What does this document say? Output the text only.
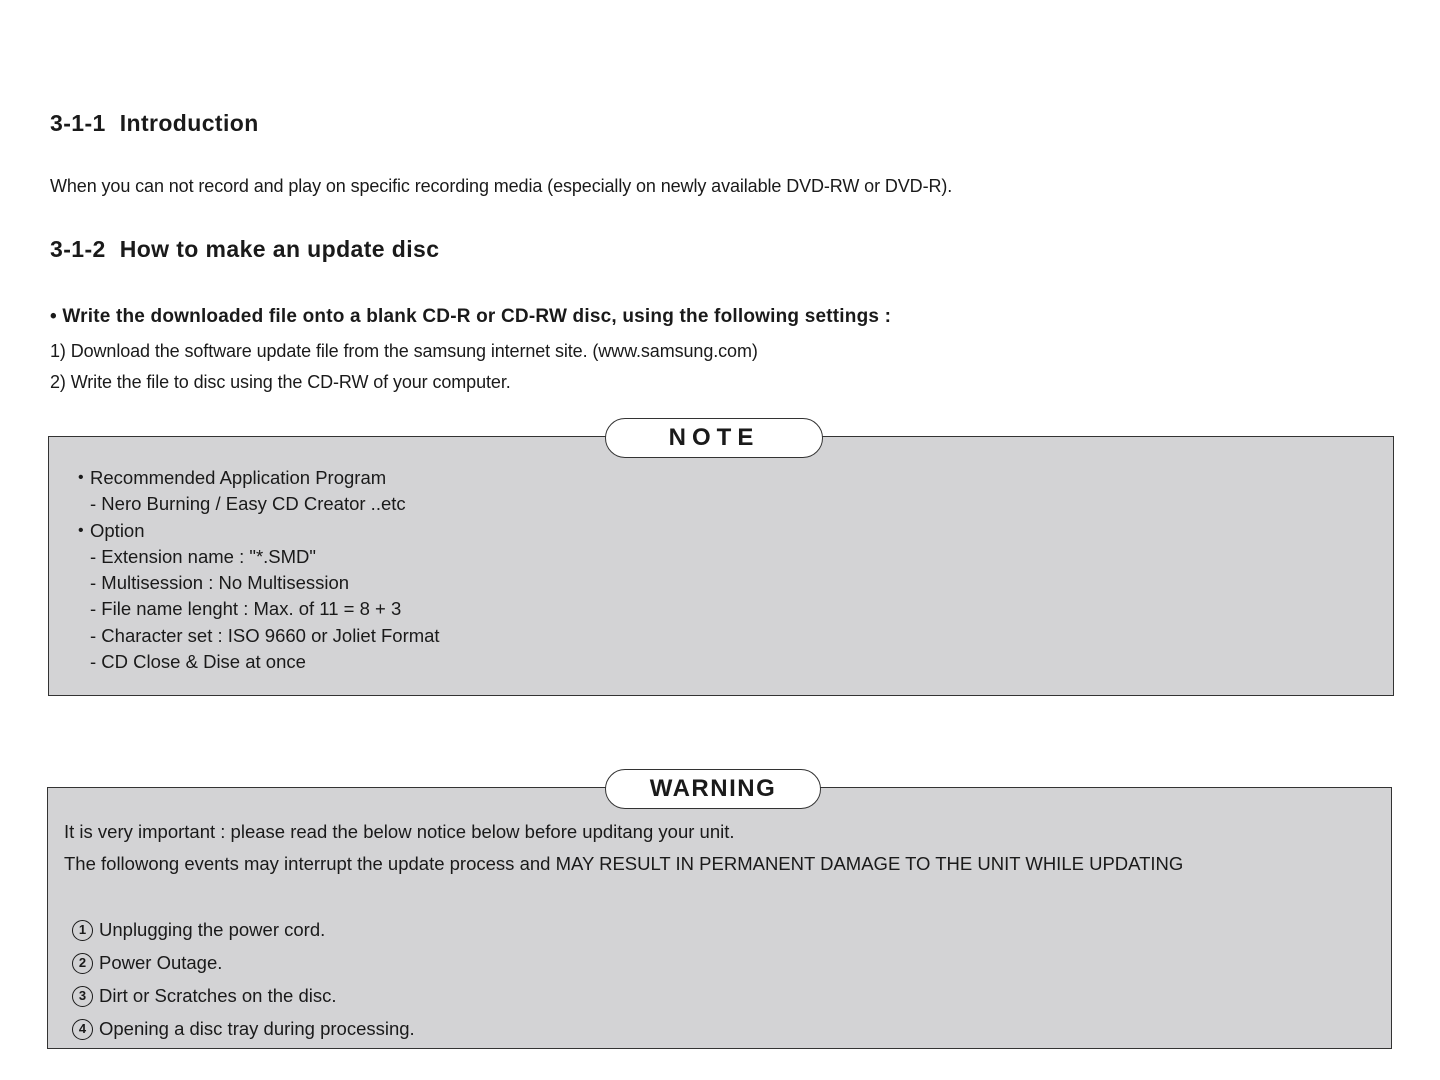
3-1-1 Introduction

When you can not record and play on specific recording media (especially on newly available DVD-RW or DVD-R).

3-1-2 How to make an update disc

• Write the downloaded file onto a blank CD-R or CD-RW disc, using the following settings :

1) Download the software update file from the samsung internet site. (www.samsung.com)

2) Write the file to disc using the CD-RW of your computer.

NOTE
• Recommended Application Program
- Nero Burning / Easy CD Creator ..etc
• Option
- Extension name : "*.SMD"
- Multisession : No Multisession
- File name lenght : Max. of 11 = 8 + 3
- Character set : ISO 9660 or Joliet Format
- CD Close & Dise at once
WARNING

It is very important : please read the below notice below before upditang your unit.

The followong events may interrupt the update process and MAY RESULT IN PERMANENT DAMAGE TO THE UNIT WHILE UPDATING

1 Unplugging the power cord.

2 Power Outage.

3 Dirt or Scratches on the disc.

4 Opening a disc tray during processing.
